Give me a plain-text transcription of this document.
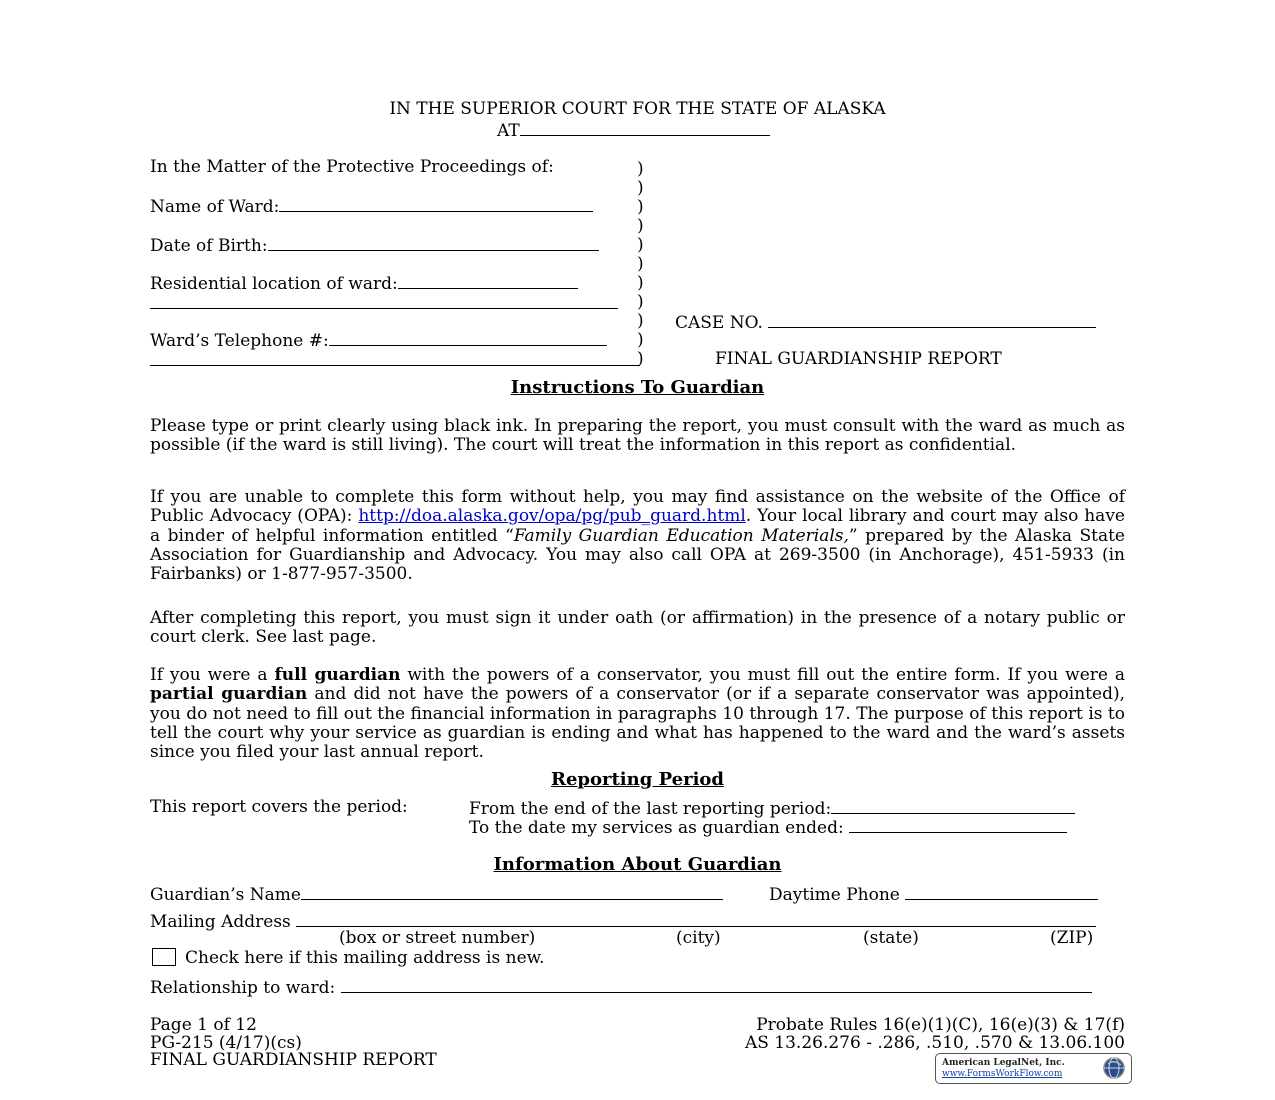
IN THE SUPERIOR COURT FOR THE STATE OF ALASKA
AT
In the Matter of the Protective Proceedings of:
Name of Ward:
Date of Birth:
Residential location of ward:
Ward’s Telephone #:
)
)
)
)
)
)
)
)
)
)
)
CASE NO.
FINAL GUARDIANSHIP REPORT
Instructions To Guardian
Please type or print clearly using black ink. In preparing the report, you must consult with the ward as much as possible (if the ward is still living). The court will treat the information in this report as confidential.
If you are unable to complete this form without help, you may find assistance on the website of the Office of Public Advocacy (OPA): http://doa.alaska.gov/opa/pg/pub_guard.html. Your local library and court may also have a binder of helpful information entitled “Family Guardian Education Materials,” prepared by the Alaska State Association for Guardianship and Advocacy. You may also call OPA at 269-3500 (in Anchorage), 451-5933 (in Fairbanks) or 1-877-957-3500.
After completing this report, you must sign it under oath (or affirmation) in the presence of a notary public or court clerk. See last page.
If you were a full guardian with the powers of a conservator, you must fill out the entire form. If you were a partial guardian and did not have the powers of a conservator (or if a separate conservator was appointed), you do not need to fill out the financial information in paragraphs 10 through 17. The purpose of this report is to tell the court why your service as guardian is ending and what has happened to the ward and the ward’s assets since you filed your last annual report.
Reporting Period
This report covers the period:	From the end of the last reporting period:
To the date my services as guardian ended:
Information About Guardian
Guardian’s Name	Daytime Phone
Mailing Address
(box or street number)	(city)	(state)	(ZIP)
Check here if this mailing address is new.
Relationship to ward:
Page 1 of 12
PG-215 (4/17)(cs)
FINAL GUARDIANSHIP REPORT
Probate Rules 16(e)(1)(C), 16(e)(3) & 17(f)
AS 13.26.276 - .286, .510, .570 & 13.06.100
American LegalNet, Inc.
www.FormsWorkFlow.com
